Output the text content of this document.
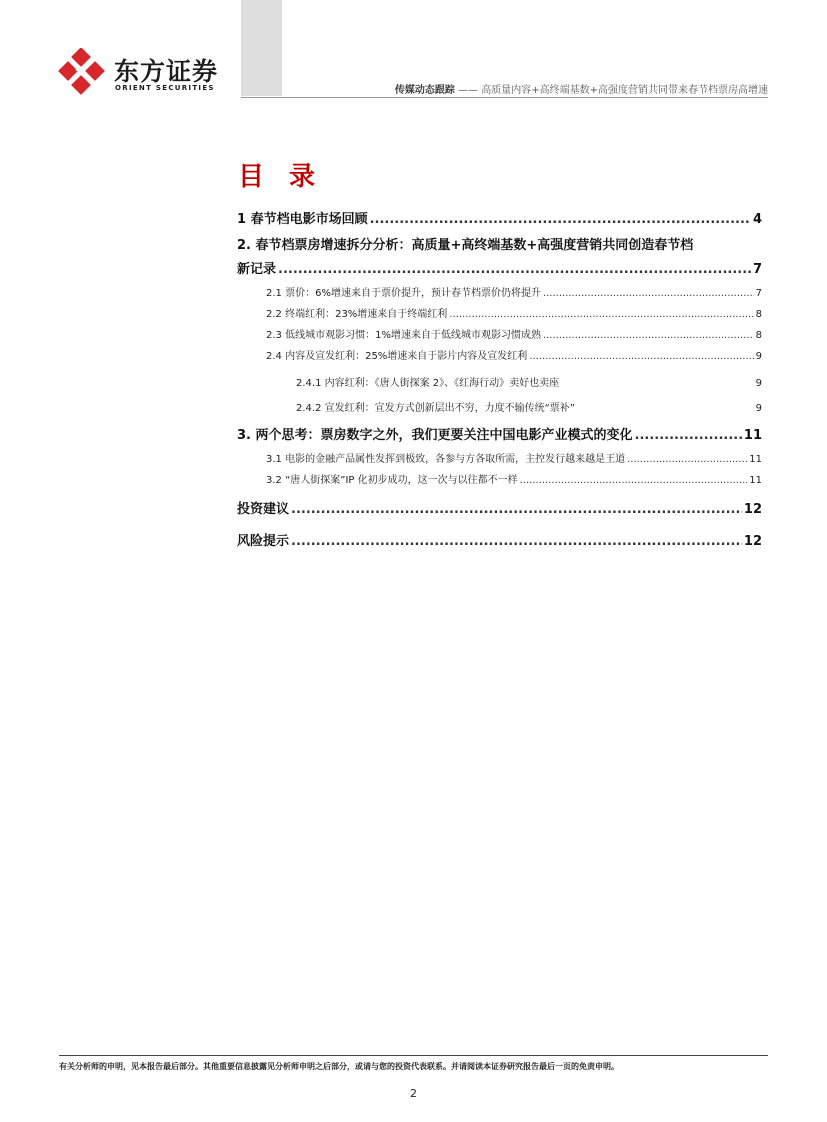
东方证券
ORIENT SECURITIES	传媒动态跟踪 —— 高质量内容+高终端基数+高强度营销共同带来春节档票房高增速
目 录
1 春节档电影市场回顾 .....	4
2. 春节档票房增速拆分分析：高质量+高终端基数+高强度营销共同创造春节档
新记录 .....	7
2.1 票价：6%增速来自于票价提升，预计春节档票价仍将提升 .....	7
2.2 终端红利：23%增速来自于终端红利 .....	8
2.3 低线城市观影习惯：1%增速来自于低线城市观影习惯成熟 .....	8
2.4 内容及宣发红利：25%增速来自于影片内容及宣发红利 .....	9
2.4.1 内容红利：《唐人街探案 2》、《红海行动》卖好也卖座	9
2.4.2 宣发红利：宣发方式创新层出不穷，力度不输传统“票补”	9
3. 两个思考：票房数字之外，我们更要关注中国电影产业模式的变化 .....	11
3.1 电影的金融产品属性发挥到极致，各参与方各取所需，主控发行越来越是王道 .....	11
3.2 “唐人街探案”IP 化初步成功，这一次与以往都不一样 .....	11
投资建议 .....	12
风险提示 .....	12
有关分析师的申明，见本报告最后部分。其他重要信息披露见分析师申明之后部分，或请与您的投资代表联系。并请阅读本证券研究报告最后一页的免责申明。
2
